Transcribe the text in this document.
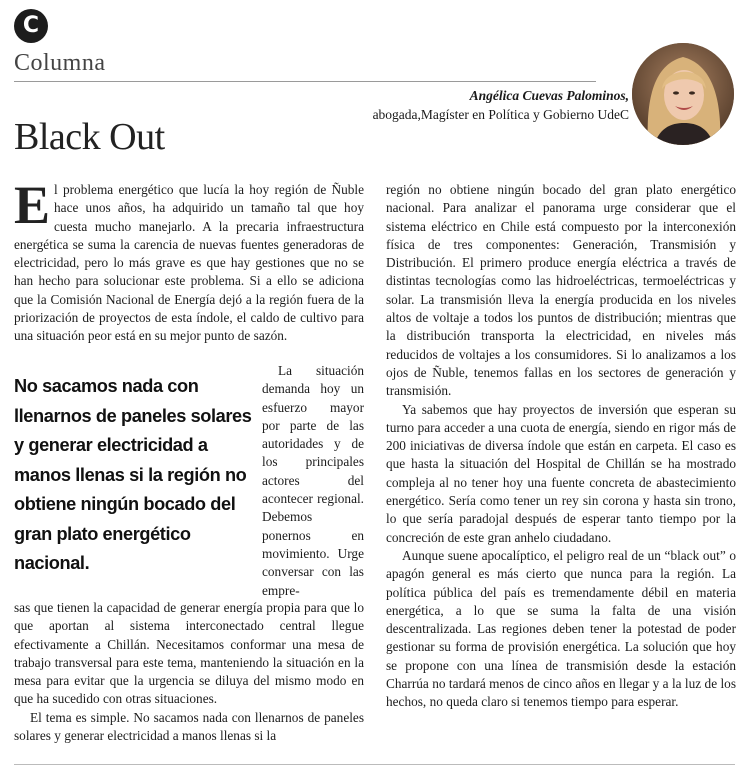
C
Columna
Angélica Cuevas Palominos,
abogada,Magíster en Política y Gobierno UdeC
Black Out

El problema energético que lucía la hoy región de Ñuble hace unos años, ha adquirido un tamaño tal que hoy cuesta mucho manejarlo. A la precaria infraestructura energética se suma la carencia de nuevas fuentes generadoras de electricidad, pero lo más grave es que hay gestiones que no se han hecho para solucionar este problema. Si a ello se adiciona que la Comisión Nacional de Energía dejó a la región fuera de la priorización de proyectos de esta índole, el caldo de cultivo para una situación peor está en su mejor punto de sazón.

No sacamos nada con llenarnos de paneles solares y generar electricidad a manos llenas si la región no obtiene ningún bocado del gran plato energético nacional.

La situación demanda hoy un esfuerzo mayor por parte de las autoridades y de los principales actores del acontecer regional. Debemos ponernos en movimiento. Urge conversar con las empre-

sas que tienen la capacidad de generar energía propia para que lo que aportan al sistema interconectado central llegue efectivamente a Chillán. Necesitamos conformar una mesa de trabajo transversal para este tema, manteniendo la situación en la mesa para evitar que la urgencia se diluya del mismo modo en que ha sucedido con otras situaciones.

El tema es simple. No sacamos nada con llenarnos de paneles solares y generar electricidad a manos llenas si la

región no obtiene ningún bocado del gran plato energético nacional. Para analizar el panorama urge considerar que el sistema eléctrico en Chile está compuesto por la interconexión física de tres componentes: Generación, Transmisión y Distribución. El primero produce energía eléctrica a través de distintas tecnologías como las hidroeléctricas, termoeléctricas y solar. La transmisión lleva la energía producida en los niveles altos de voltaje a todos los puntos de distribución; mientras que la distribución transporta la electricidad, en niveles más reducidos de voltajes a los consumidores. Si lo analizamos a los ojos de Ñuble, tenemos fallas en los sectores de generación y transmisión.

Ya sabemos que hay proyectos de inversión que esperan su turno para acceder a una cuota de energía, siendo en rigor más de 200 iniciativas de diversa índole que están en carpeta. El caso es que hasta la situación del Hospital de Chillán se ha mostrado compleja al no tener hoy una fuente concreta de abastecimiento energético. Sería como tener un rey sin corona y hasta sin trono, lo que sería paradojal después de esperar tanto tiempo por la concreción de este gran anhelo ciudadano.

Aunque suene apocalíptico, el peligro real de un “black out” o apagón general es más cierto que nunca para la región. La política pública del país es tremendamente débil en materia energética, a lo que se suma la falta de una visión descentralizada. Las regiones deben tener la potestad de poder gestionar su forma de provisión energética. La solución que hoy se propone con una línea de transmisión desde la estación Charrúa no tardará menos de cinco años en llegar y a la luz de los hechos, no queda claro si tenemos tiempo para esperar.
